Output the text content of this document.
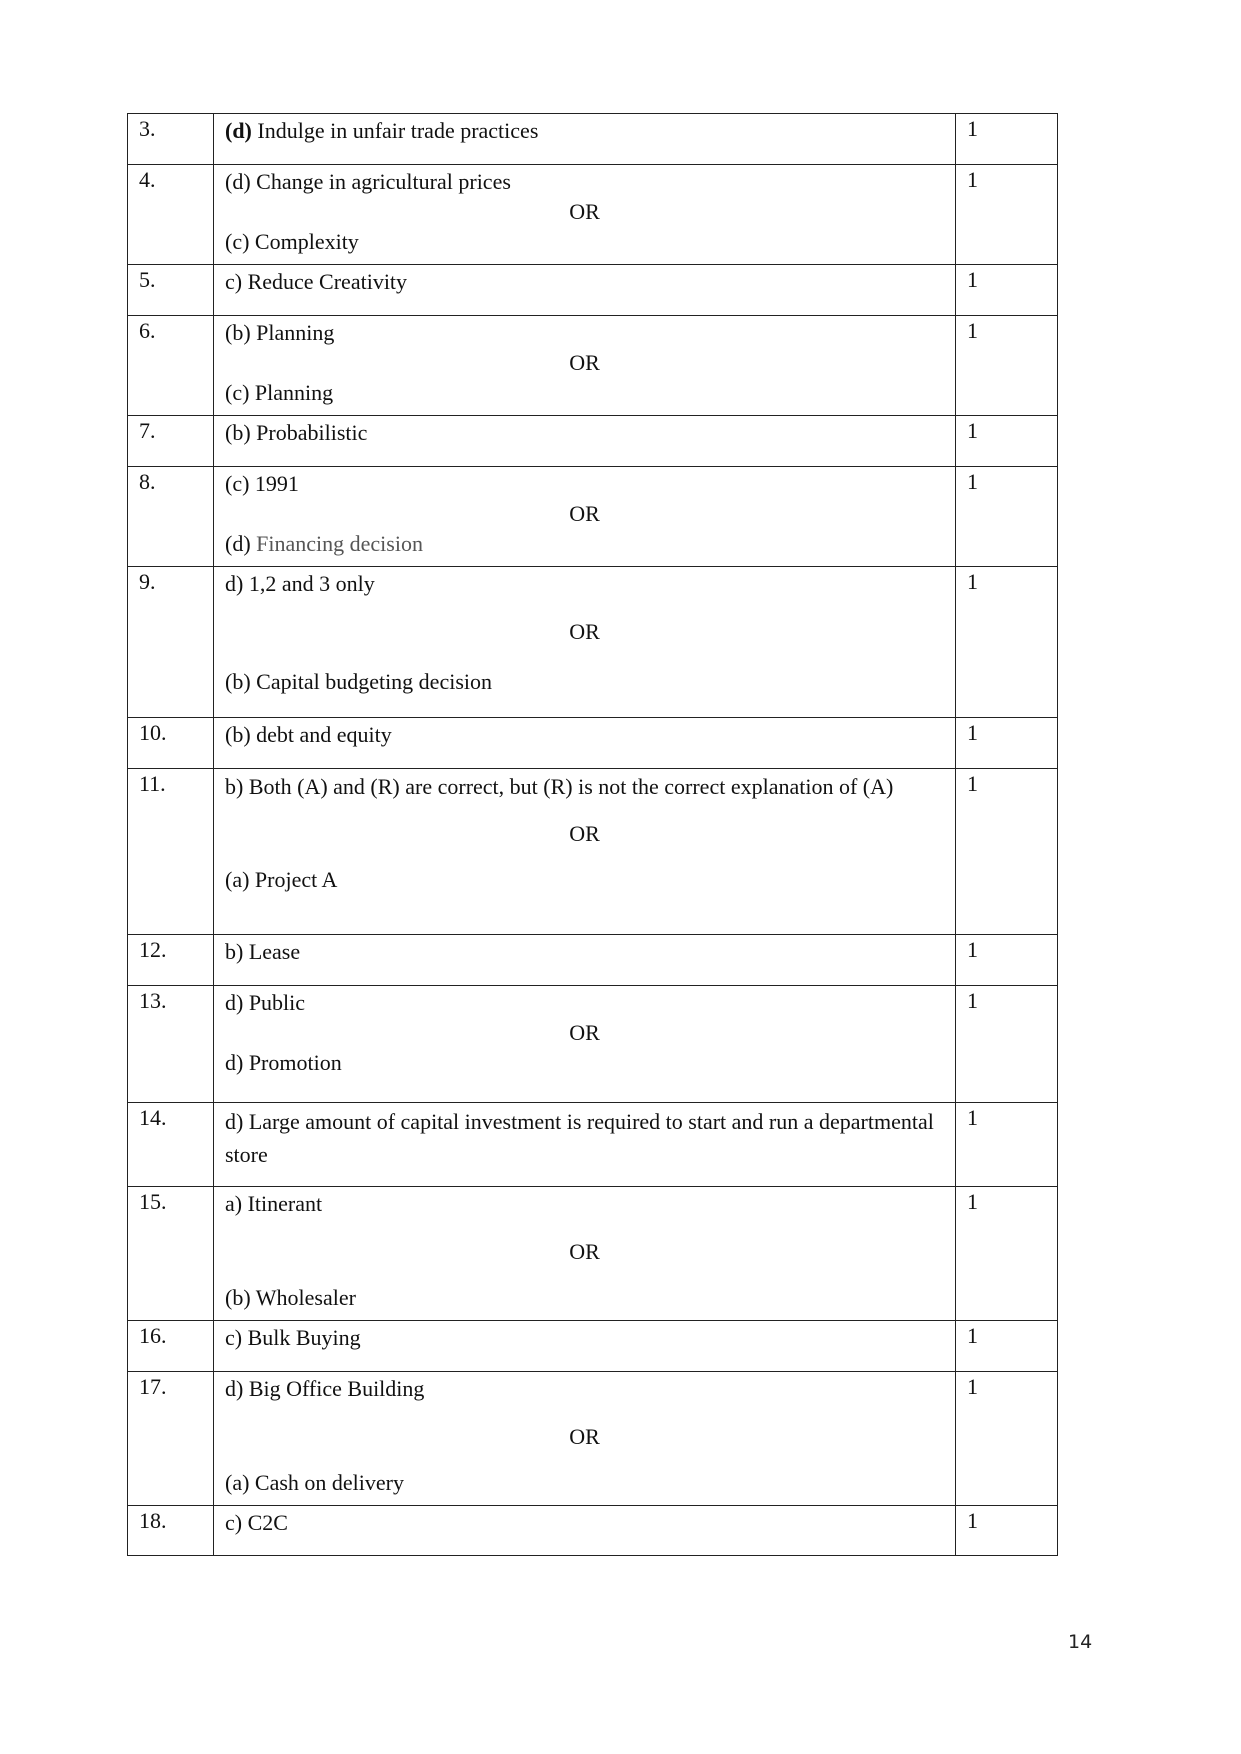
3.	(d) Indulge in unfair trade practices	1
4.	(d) Change in agricultural prices
OR
(c) Complexity	1
5.	c) Reduce Creativity	1
6.	(b) Planning
OR
(c) Planning	1
7.	(b) Probabilistic	1
8.	(c) 1991
OR
(d) Financing decision	1
9.	d) 1,2 and 3 only
OR
(b) Capital budgeting decision	1
10.	(b) debt and equity	1
11.	b) Both (A) and (R) are correct, but (R) is not the correct explanation of (A)
OR
(a) Project A	1
12.	b) Lease	1
13.	d) Public
OR
d) Promotion	1
14.	d) Large amount of capital investment is required to start and run a departmental store	1
15.	a) Itinerant
OR
(b) Wholesaler	1
16.	c) Bulk Buying	1
17.	d) Big Office Building
OR
(a) Cash on delivery	1
18.	c) C2C	1
14
